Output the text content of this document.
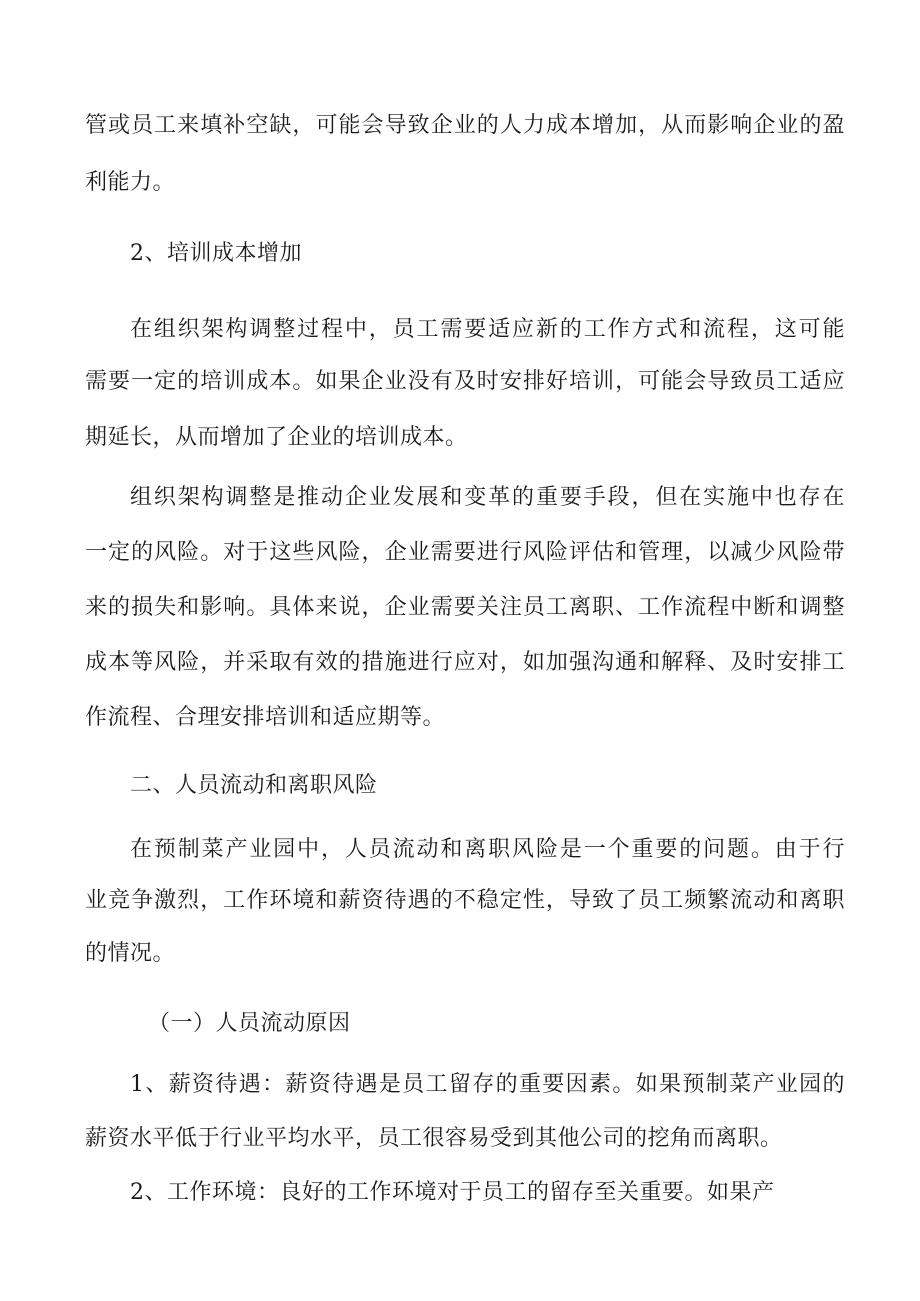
管或员工来填补空缺，可能会导致企业的人力成本增加，从而影响企业的盈
利能力。
2、培训成本增加
在组织架构调整过程中，员工需要适应新的工作方式和流程，这可能
需要一定的培训成本。如果企业没有及时安排好培训，可能会导致员工适应
期延长，从而增加了企业的培训成本。
组织架构调整是推动企业发展和变革的重要手段，但在实施中也存在
一定的风险。对于这些风险，企业需要进行风险评估和管理，以减少风险带
来的损失和影响。具体来说，企业需要关注员工离职、工作流程中断和调整
成本等风险，并采取有效的措施进行应对，如加强沟通和解释、及时安排工
作流程、合理安排培训和适应期等。
二、人员流动和离职风险
在预制菜产业园中，人员流动和离职风险是一个重要的问题。由于行
业竞争激烈，工作环境和薪资待遇的不稳定性，导致了员工频繁流动和离职
的情况。
（一）人员流动原因
1、薪资待遇：薪资待遇是员工留存的重要因素。如果预制菜产业园的
薪资水平低于行业平均水平，员工很容易受到其他公司的挖角而离职。
2、工作环境：良好的工作环境对于员工的留存至关重要。如果产
